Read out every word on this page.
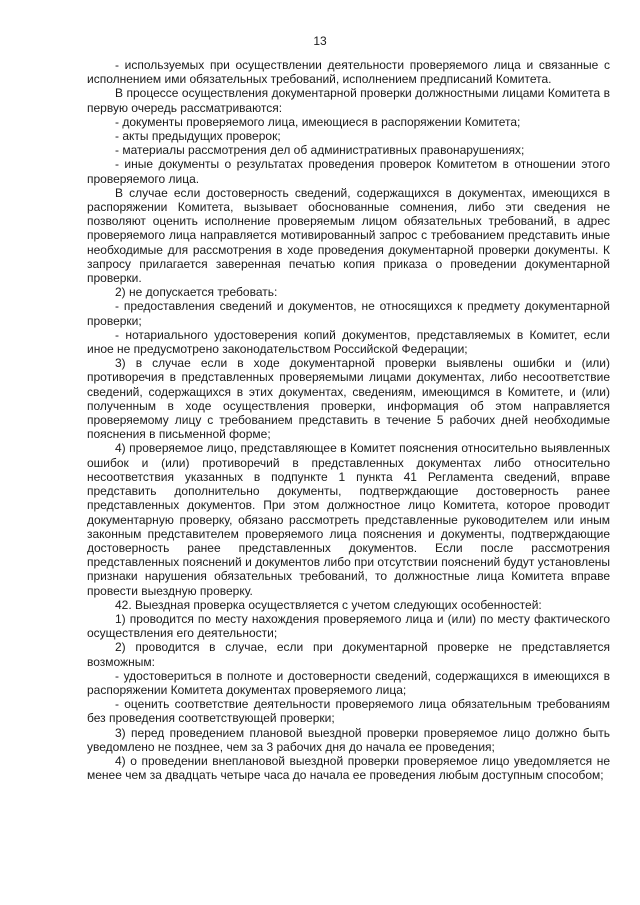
13

- используемых при осуществлении деятельности проверяемого лица и связанные с исполнением ими обязательных требований, исполнением предписаний Комитета.

В процессе осуществления документарной проверки должностными лицами Комитета в первую очередь рассматриваются:

- документы проверяемого лица, имеющиеся в распоряжении Комитета;

- акты предыдущих проверок;

- материалы рассмотрения дел об административных правонарушениях;

- иные документы о результатах проведения проверок Комитетом в отношении этого проверяемого лица.

В случае если достоверность сведений, содержащихся в документах, имеющихся в распоряжении Комитета, вызывает обоснованные сомнения, либо эти сведения не позволяют оценить исполнение проверяемым лицом обязательных требований, в адрес проверяемого лица направляется мотивированный запрос с требованием представить иные необходимые для рассмотрения в ходе проведения документарной проверки документы. К запросу прилагается заверенная печатью копия приказа о проведении документарной проверки.

2) не допускается требовать:

- предоставления сведений и документов, не относящихся к предмету документарной проверки;

- нотариального удостоверения копий документов, представляемых в Комитет, если иное не предусмотрено законодательством Российской Федерации;

3) в случае если в ходе документарной проверки выявлены ошибки и (или) противоречия в представленных проверяемыми лицами документах, либо несоответствие сведений, содержащихся в этих документах, сведениям, имеющимся в Комитете, и (или) полученным в ходе осуществления проверки, информация об этом направляется проверяемому лицу с требованием представить в течение 5 рабочих дней необходимые пояснения в письменной форме;

4) проверяемое лицо, представляющее в Комитет пояснения относительно выявленных ошибок и (или) противоречий в представленных документах либо относительно несоответствия указанных в подпункте 1 пункта 41 Регламента сведений, вправе представить дополнительно документы, подтверждающие достоверность ранее представленных документов. При этом должностное лицо Комитета, которое проводит документарную проверку, обязано рассмотреть представленные руководителем или иным законным представителем проверяемого лица пояснения и документы, подтверждающие достоверность ранее представленных документов. Если после рассмотрения представленных пояснений и документов либо при отсутствии пояснений будут установлены признаки нарушения обязательных требований, то должностные лица Комитета вправе провести выездную проверку.

42. Выездная проверка осуществляется с учетом следующих особенностей:

1) проводится по месту нахождения проверяемого лица и (или) по месту фактического осуществления его деятельности;

2) проводится в случае, если при документарной проверке не представляется возможным:

- удостовериться в полноте и достоверности сведений, содержащихся в имеющихся в распоряжении Комитета документах проверяемого лица;

- оценить соответствие деятельности проверяемого лица обязательным требованиям без проведения соответствующей проверки;

3) перед проведением плановой выездной проверки проверяемое лицо должно быть уведомлено не позднее, чем за 3 рабочих дня до начала ее проведения;

4) о проведении внеплановой выездной проверки проверяемое лицо уведомляется не менее чем за двадцать четыре часа до начала ее проведения любым доступным способом;
